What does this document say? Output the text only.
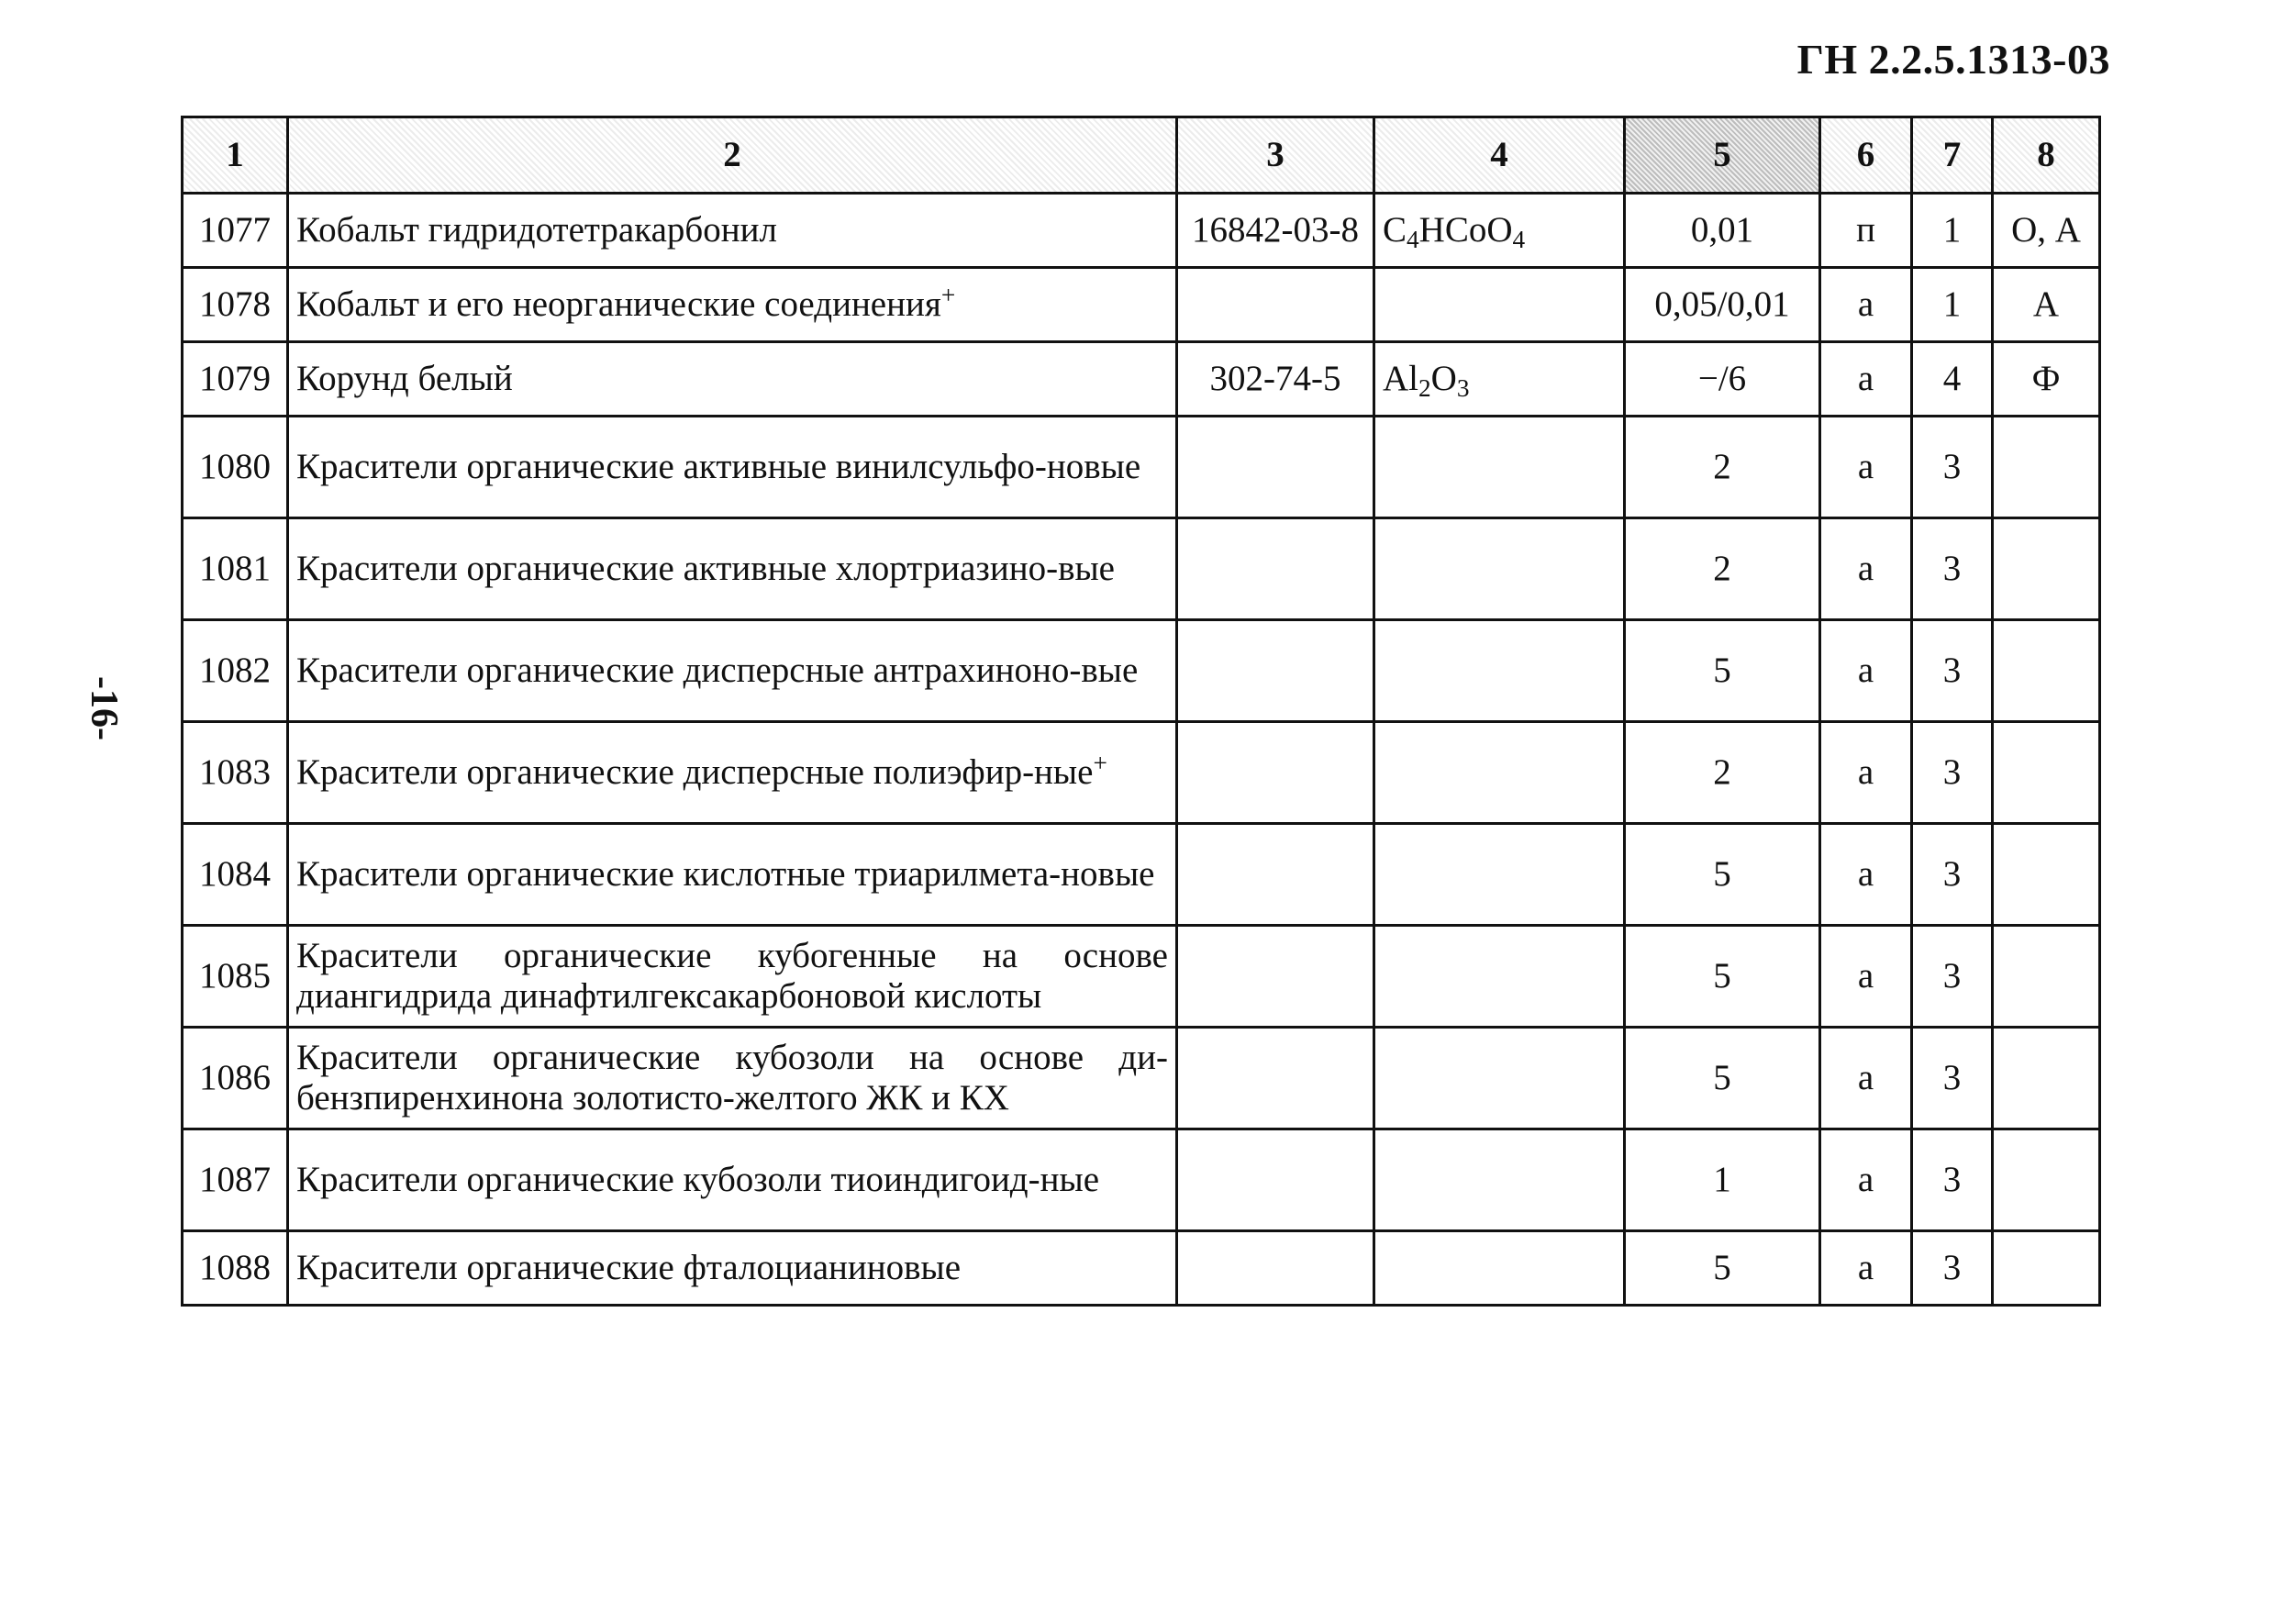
ГН 2.2.5.1313-03
-16-
1	2	3	4	5	6	7	8
1077	Кобальт гидридотетракарбонил	16842-03-8	$C_4HCoO_4$	0,01	п	1	О, А
1078	Кобальт и его неорганические соединения+			0,05/0,01	а	1	А
1079	Корунд белый	302-74-5	$Al_2O_3$	−/6	а	4	Ф
1080	Красители органические активные винилсульфо-новые			2	а	3	
1081	Красители органические активные хлортриазино-вые			2	а	3	
1082	Красители органические дисперсные антрахиноно-вые			5	а	3	
1083	Красители органические дисперсные полиэфир-ные+			2	а	3	
1084	Красители органические кислотные триарилмета-новые			5	а	3	
1085	Красители органические кубогенные на основе диангидрида динафтилгексакарбоновой кислоты			5	а	3	
1086	Красители органические кубозоли на основе ди-бензпиренхинона золотисто-желтого ЖК и КХ			5	а	3	
1087	Красители органические кубозоли тиоиндигоид-ные			1	а	3	
1088	Красители органические фталоцианиновые			5	а	3	
